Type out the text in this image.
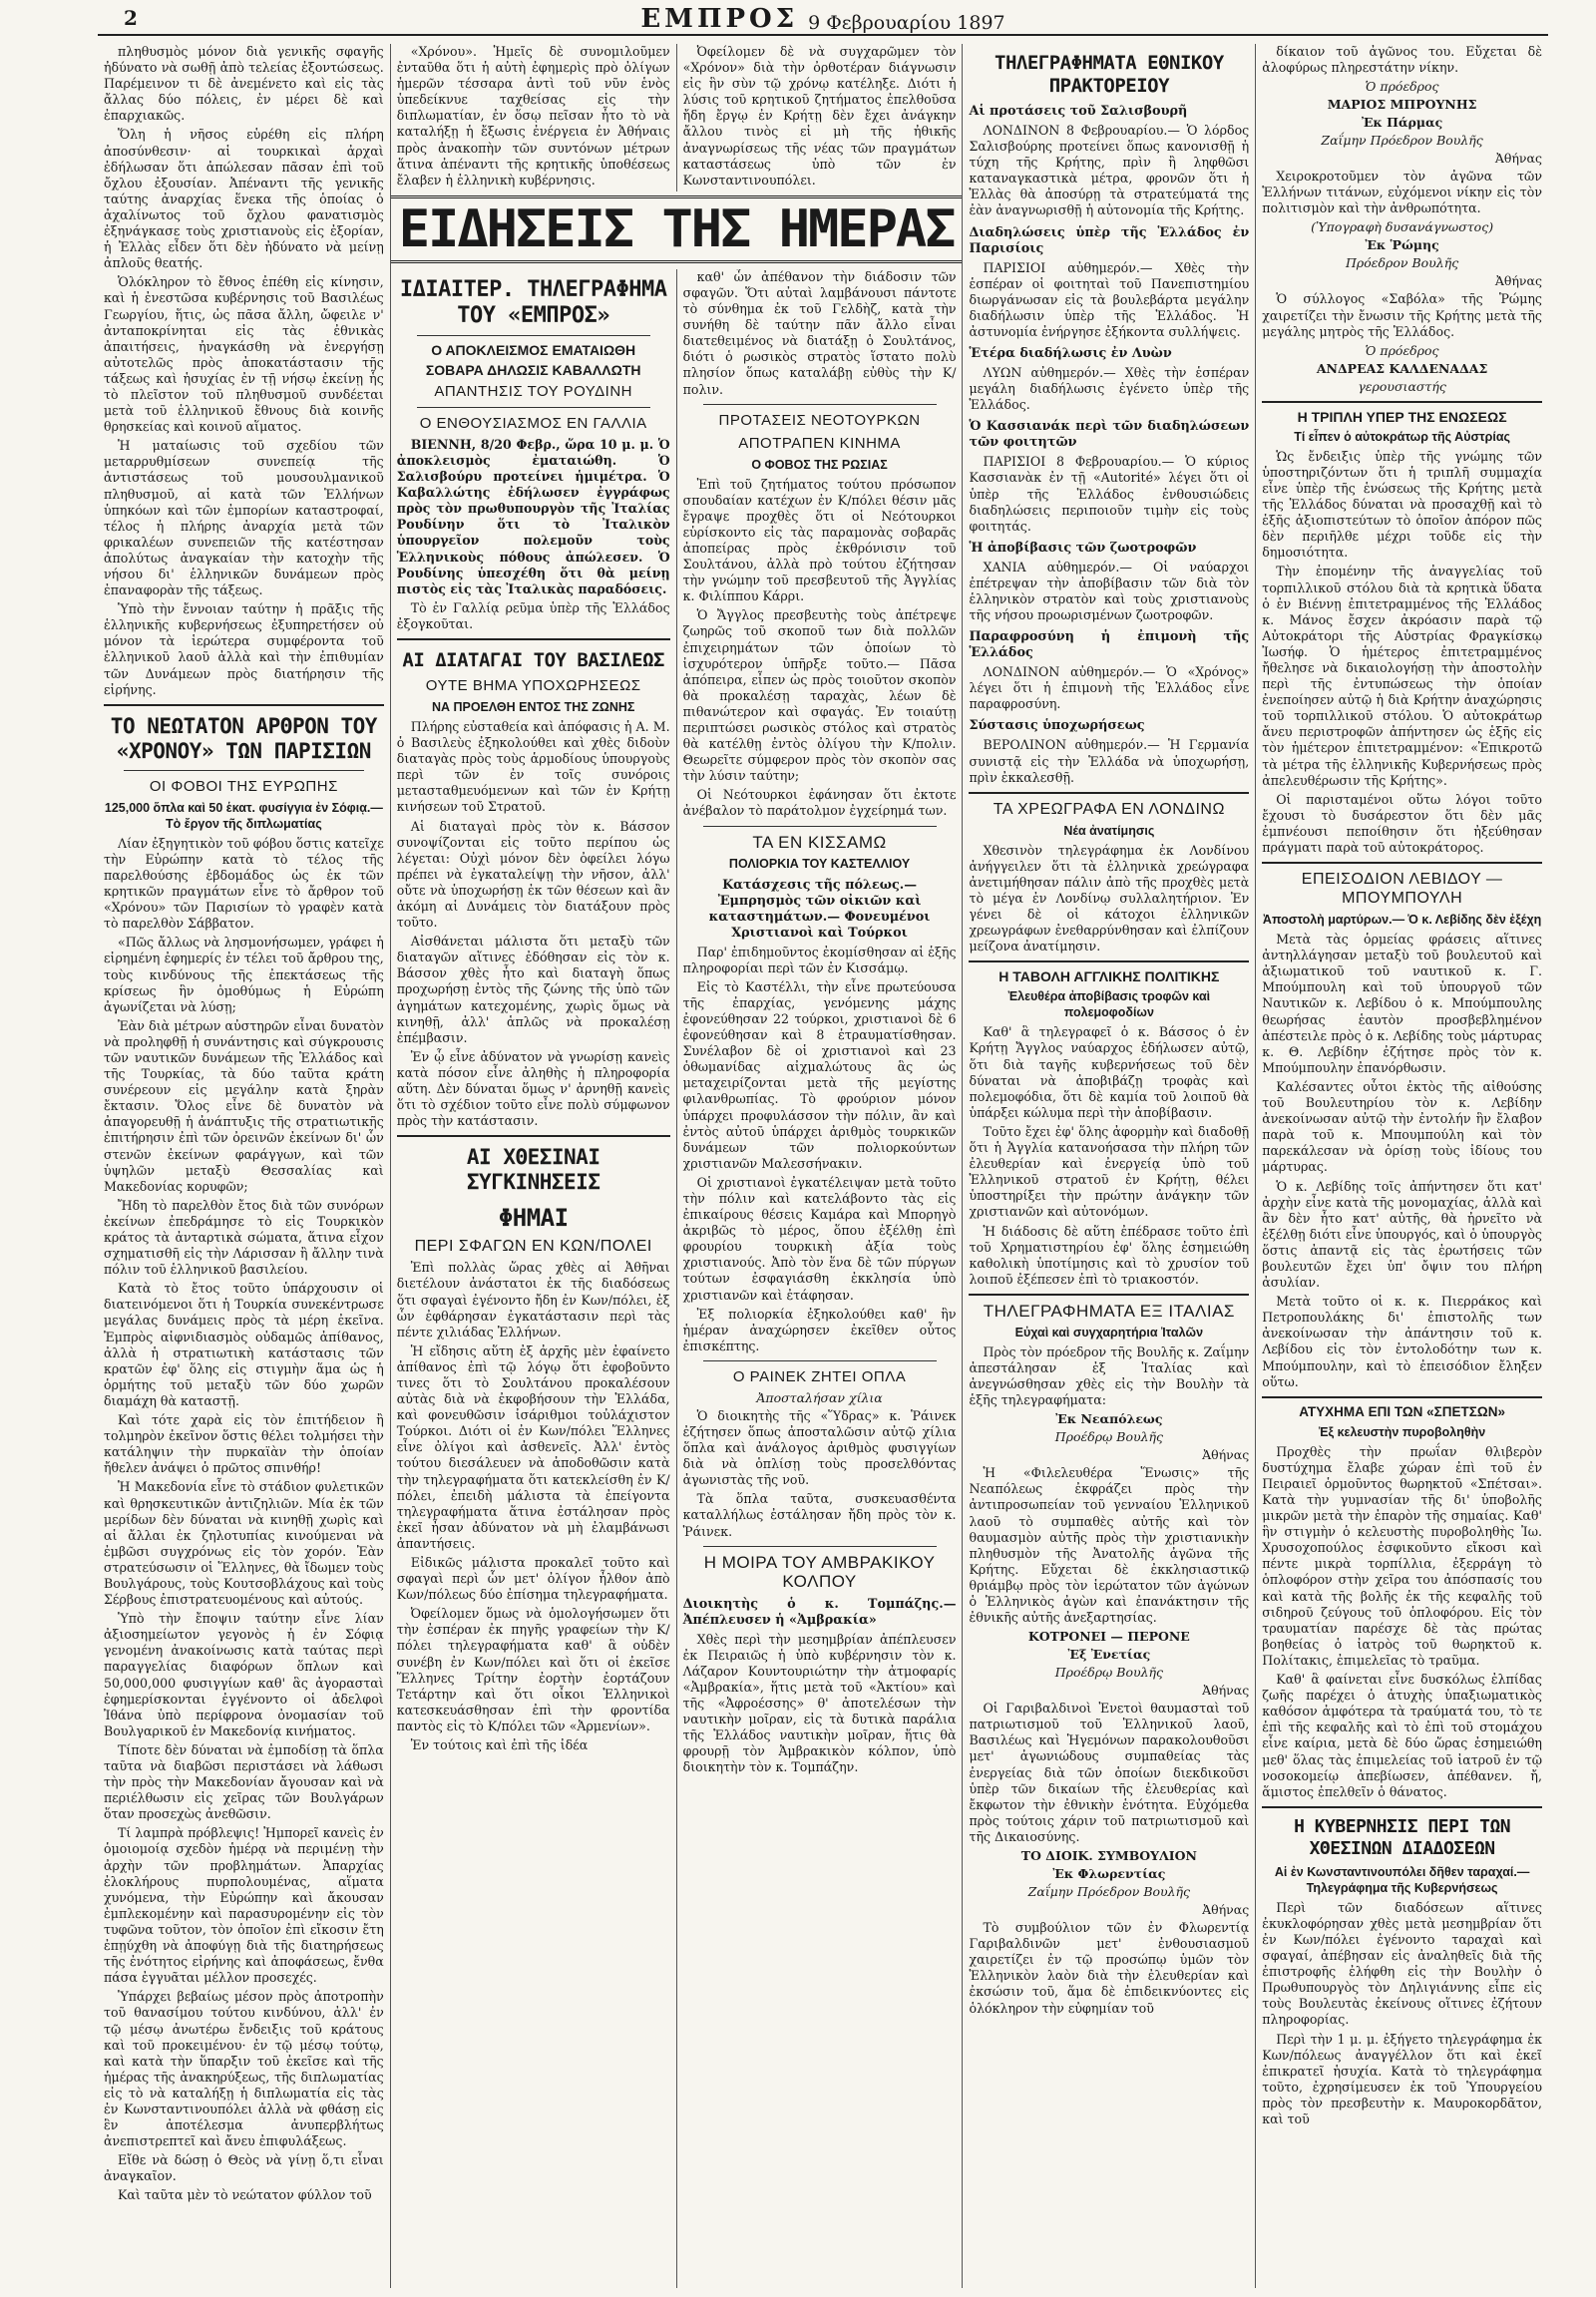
2	ΕΜΠΡΟΣ 9 Φεβρουαρίου 1897

πληθυσμὸς μόνον διὰ γενικῆς σφαγῆς ἠδύνατο νὰ σωθῇ ἀπὸ τελείας ἐξοντώσεως. Παρέμεινον τι δὲ ἀνεμένετο καὶ εἰς τὰς ἄλλας δύο πόλεις, ἐν μέρει δὲ καὶ ἐπαρχιακῶς.

Ὅλη ἡ νῆσος εὑρέθη εἰς πλήρη ἀποσύνθεσιν· αἱ τουρκικαὶ ἀρχαὶ ἐδήλωσαν ὅτι ἀπώλεσαν πᾶσαν ἐπὶ τοῦ ὄχλου ἐξουσίαν. Ἀπέναντι τῆς γενικῆς ταύτης ἀναρχίας ἕνεκα τῆς ὁποίας ὁ ἀχαλίνωτος τοῦ ὄχλου φανατισμὸς ἐξηνάγκασε τοὺς χριστιανοὺς εἰς ἐξορίαν, ἡ Ἑλλὰς εἶδεν ὅτι δὲν ἠδύνατο νὰ μείνῃ ἀπλοῦς θεατής.

Ὁλόκληρον τὸ ἔθνος ἐπέθη εἰς κίνησιν, καὶ ἡ ἐνεστῶσα κυβέρνησις τοῦ Βασιλέως Γεωργίου, ἥτις, ὡς πᾶσα ἄλλη, ὤφειλε ν' ἀνταποκρίνηται εἰς τὰς ἐθνικὰς ἀπαιτήσεις, ἠναγκάσθη νὰ ἐνεργήσῃ αὐτοτελῶς πρὸς ἀποκατάστασιν τῆς τάξεως καὶ ἡσυχίας ἐν τῇ νήσῳ ἐκείνῃ ἧς τὸ πλεῖστον τοῦ πληθυσμοῦ συνδέεται μετὰ τοῦ ἑλληνικοῦ ἔθνους διὰ κοινῆς θρησκείας καὶ κοινοῦ αἵματος.

Ἡ ματαίωσις τοῦ σχεδίου τῶν μεταρρυθμίσεων συνεπείᾳ τῆς ἀντιστάσεως τοῦ μουσουλμανικοῦ πληθυσμοῦ, αἱ κατὰ τῶν Ἑλλήνων ὑπηκόων καὶ τῶν ἐμπορίων καταστροφαί, τέλος ἡ πλήρης ἀναρχία μετὰ τῶν φρικαλέων συνεπειῶν τῆς κατέστησαν ἀπολύτως ἀναγκαίαν τὴν κατοχὴν τῆς νήσου δι' ἑλληνικῶν δυνάμεων πρὸς ἐπαναφορὰν τῆς τάξεως.

Ὑπὸ τὴν ἔννοιαν ταύτην ἡ πρᾶξις τῆς ἑλληνικῆς κυβερνήσεως ἐξυπηρετήσεν οὐ μόνον τὰ ἱερώτερα συμφέροντα τοῦ ἑλληνικοῦ λαοῦ ἀλλὰ καὶ τὴν ἐπιθυμίαν τῶν Δυνάμεων πρὸς διατήρησιν τῆς εἰρήνης.

ΤΟ ΝΕΩΤΑΤΟΝ ΑΡΘΡΟΝ ΤΟΥ «ΧΡΟΝΟΥ» ΤΩΝ ΠΑΡΙΣΙΩΝ
ΟΙ ΦΟΒΟΙ ΤΗΣ ΕΥΡΩΠΗΣ
125,000 ὅπλα καὶ 50 ἑκατ. φυσίγγια ἐν Σόφιᾳ.— Τὸ ἔργον τῆς διπλωματίας

Λίαν ἐξηγητικὸν τοῦ φόβου ὅστις κατεῖχε τὴν Εὐρώπην κατὰ τὸ τέλος τῆς παρελθούσης ἑβδομάδος ὡς ἐκ τῶν κρητικῶν πραγμάτων εἶνε τὸ ἄρθρον τοῦ «Χρόνου» τῶν Παρισίων τὸ γραφὲν κατὰ τὸ παρελθὸν Σάββατον.

«Πῶς ἄλλως νὰ λησμονήσωμεν, γράφει ἡ εἰρημένη ἐφημερίς ἐν τέλει τοῦ ἄρθρου της, τοὺς κινδύνους τῆς ἐπεκτάσεως τῆς κρίσεως ἣν ὁμοθύμως ἡ Εὐρώπη ἀγωνίζεται νὰ λύσῃ;

Ἐὰν διὰ μέτρων αὐστηρῶν εἶναι δυνατὸν νὰ προληφθῇ ἡ συνάντησις καὶ σύγκρουσις τῶν ναυτικῶν δυνάμεων τῆς Ἑλλάδος καὶ τῆς Τουρκίας, τὰ δύο ταῦτα κράτη συνέρεουν εἰς μεγάλην κατὰ ξηρὰν ἔκτασιν. Ὅλος εἶνε δὲ δυνατὸν νὰ ἀπαγορευθῇ ἡ ἀνάπτυξις τῆς στρατιωτικῆς ἐπιτήρησιν ἐπὶ τῶν ὀρεινῶν ἐκείνων δι' ὧν στενῶν ἐκείνων φαράγγων, καὶ τῶν ὑψηλῶν μεταξὺ Θεσσαλίας καὶ Μακεδονίας κορυφῶν;

Ἤδη τὸ παρελθὸν ἔτος διὰ τῶν συνόρων ἐκείνων ἐπεδράμησε τὸ εἰς Τουρκικὸν κράτος τὰ ἀνταρτικὰ σώματα, ἅτινα εἶχον σχηματισθῆ εἰς τὴν Λάρισσαν ἢ ἄλλην τινὰ πόλιν τοῦ ἑλληνικοῦ βασιλείου.

Κατὰ τὸ ἔτος τοῦτο ὑπάρχουσιν οἱ διατεινόμενοι ὅτι ἡ Τουρκία συνεκέντρωσε μεγάλας δυνάμεις πρὸς τὰ μέρη ἐκεῖνα. Ἐμπρὸς αἰφνιδιασμὸς οὐδαμῶς ἀπίθανος, ἀλλὰ ἡ στρατιωτικὴ κατάστασις τῶν κρατῶν ἐφ' ὅλης εἰς στιγμὴν ἅμα ὡς ἡ ὁρμήτης τοῦ μεταξὺ τῶν δύο χωρῶν διαμάχη θὰ καταστῇ.

Καὶ τότε χαρὰ εἰς τὸν ἐπιτήδειον ἢ τολμηρὸν ἐκεῖνον ὅστις θέλει τολμήσει τὴν κατάληψιν τὴν πυρκαϊὰν τὴν ὁποίαν ἤθελεν ἀνάψει ὁ πρῶτος σπινθήρ!

Ἡ Μακεδονία εἶνε τὸ στάδιον φυλετικῶν καὶ θρησκευτικῶν ἀντιζηλιῶν. Μία ἐκ τῶν μερίδων δὲν δύναται νὰ κινηθῇ χωρὶς καὶ αἱ ἄλλαι ἐκ ζηλοτυπίας κινούμεναι νὰ ἐμβῶσι συγχρόνως εἰς τὸν χορόν. Ἐὰν στρατεύσωσιν οἱ Ἕλληνες, θὰ ἴδωμεν τοὺς Βουλγάρους, τοὺς Κουτσοβλάχους καὶ τοὺς Σέρβους ἐπιστρατευομένους καὶ αὐτούς.

Ὑπὸ τὴν ἔποψιν ταύτην εἶνε λίαν ἀξιοσημείωτον γεγονὸς ἡ ἐν Σόφιᾳ γενομένη ἀνακοίνωσις κατὰ ταύτας περὶ παραγγελίας διαφόρων ὅπλων καὶ 50,000,000 φυσιγγίων καθ' ἃς ἀγορασταὶ ἐφημερίσκονται ἐγγένοντο οἱ ἀδελφοὶ Ἰθάνα ὑπὸ περίφρονα ὀνομασίαν τοῦ Βουλγαρικοῦ ἐν Μακεδονίᾳ κινήματος.

Τίποτε δὲν δύναται νὰ ἐμποδίσῃ τὰ ὅπλα ταῦτα νὰ διαβῶσι περιστάσει νὰ λάθωσι τὴν πρὸς τὴν Μακεδονίαν ἄγουσαν καὶ νὰ περιέλθωσιν εἰς χεῖρας τῶν Βουλγάρων ὅταν προσεχὼς ἀνεθῶσιν.

Τί λαμπρὰ πρόβλεψις! Ἠμπορεῖ κανεὶς ἐν ὁμοιομοίᾳ σχεδὸν ἡμέρᾳ νὰ περιμένῃ τὴν ἀρχὴν τῶν προβλημάτων. Ἀπαρχίας ἐλοκλήρους πυρπολουμένας, αἵματα χυνόμενα, τὴν Εὐρώπην καὶ ἄκουσαν ἐμπλεκομένην καὶ παρασυρομένην εἰς τὸν τυφῶνα τοῦτον, τὸν ὁποῖον ἐπὶ εἴκοσιν ἔτη ἐπῃύχθη νὰ ἀποφύγῃ διὰ τῆς διατηρήσεως τῆς ἐνότητος εἰρήνης καὶ ἀποφάσεως, ἔνθα πάσα ἐγγυᾶται μέλλον προσεχές.

Ὑπάρχει βεβαίως μέσον πρὸς ἀποτροπὴν τοῦ θανασίμου τούτου κινδύνου, ἀλλ' ἐν τῷ μέσῳ ἀνωτέρω ἔνδειξις τοῦ κράτους καὶ τοῦ προκειμένου· ἐν τῷ μέσῳ τούτῳ, καὶ κατὰ τὴν ὕπαρξιν τοῦ ἐκεῖσε καὶ τῆς ἡμέρας τῆς ἀνακηρύξεως, τῆς διπλωματίας εἰς τὸ νὰ καταλήξῃ ἡ διπλωματία εἰς τὰς ἐν Κωνσταντινουπόλει ἀλλὰ νὰ φθάσῃ εἰς ἓν ἀποτέλεσμα ἀνυπερβλήτως ἀνεπιστρεπτεῖ καὶ ἄνευ ἐπιφυλάξεως.

Εἴθε νὰ δώσῃ ὁ Θεὸς νὰ γίνῃ ὅ,τι εἶναι ἀναγκαῖον.

Καὶ ταῦτα μὲν τὸ νεώτατον φύλλον τοῦ

«Χρόνου». Ἡμεῖς δὲ συνομιλοῦμεν ἐνταῦθα ὅτι ἡ αὐτὴ ἐφημερὶς πρὸ ὀλίγων ἡμερῶν τέσσαρα ἀντὶ τοῦ νῦν ἑνὸς ὑπεδείκνυε ταχθείσας εἰς τὴν διπλωματίαν, ἐν ὅσῳ πεῖσαν ἦτο τὸ νὰ καταλήξῃ ἡ ἔξωσις ἐνέργεια ἐν Ἀθήναις πρὸς ἀνακοπὴν τῶν συντόνων μέτρων ἅτινα ἀπέναντι τῆς κρητικῆς ὑποθέσεως ἔλαβεν ἡ ἑλληνικὴ κυβέρνησις.

Ὀφείλομεν δὲ νὰ συγχαρῶμεν τὸν «Χρόνον» διὰ τὴν ὀρθοτέραν διάγνωσιν εἰς ἣν σὺν τῷ χρόνῳ κατέληξε. Διότι ἡ λύσις τοῦ κρητικοῦ ζητήματος ἐπελθοῦσα ἤδη ἔργῳ ἐν Κρήτῃ δὲν ἔχει ἀνάγκην ἄλλου τινὸς εἰ μὴ τῆς ἠθικῆς ἀναγνωρίσεως τῆς νέας τῶν πραγμάτων καταστάσεως ὑπὸ τῶν ἐν Κωνσταντινουπόλει.

ΕΙΔΗΣΕΙΣ ΤΗΣ ΗΜΕΡΑΣ
ΙΔΙΑΙΤΕΡ. ΤΗΛΕΓΡΑΦΗΜΑ ΤΟΥ «ΕΜΠΡΟΣ»
Ο ΑΠΟΚΛΕΙΣΜΟΣ ΕΜΑΤΑΙΩΘΗ
ΣΟΒΑΡΑ ΔΗΛΩΣΙΣ ΚΑΒΑΛΛΩΤΗ
ΑΠΑΝΤΗΣΙΣ ΤΟΥ ΡΟΥΔΙΝΗ
Ο ΕΝΘΟΥΣΙΑΣΜΟΣ ΕΝ ΓΑΛΛΙΑ

ΒΙΕΝΝΗ, 8/20 Φεβρ., ὥρα 10 μ. μ. Ὁ ἀποκλεισμὸς ἐματαιώθη. Ὁ Σαλισβούρυ προτείνει ἡμιμέτρα. Ὁ Καβαλλώτης ἐδήλωσεν ἐγγράφως πρὸς τὸν πρωθυπουργὸν τῆς Ἰταλίας Ρουδίνην ὅτι τὸ Ἰταλικὸν ὑπουργεῖον πολεμοῦν τοὺς Ἑλληνικοὺς πόθους ἀπώλεσεν. Ὁ Ρουδίνης ὑπεσχέθη ὅτι θὰ μείνῃ πιστὸς εἰς τὰς Ἰταλικὰς παραδόσεις.

Τὸ ἐν Γαλλίᾳ ρεῦμα ὑπὲρ τῆς Ἑλλάδος ἐξογκοῦται.

ΑΙ ΔΙΑΤΑΓΑΙ ΤΟΥ ΒΑΣΙΛΕΩΣ
ΟΥΤΕ ΒΗΜΑ ΥΠΟΧΩΡΗΣΕΩΣ
ΝΑ ΠΡΟΕΛΘΗ ΕΝΤΟΣ ΤΗΣ ΖΩΝΗΣ

Πλήρης εὐσταθεία καὶ ἀπόφασις ἡ Α. Μ. ὁ Βασιλεὺς ἐξηκολούθει καὶ χθὲς διδοὺν διαταγὰς πρὸς τοὺς ἁρμοδίους ὑπουργοὺς περὶ τῶν ἐν τοῖς συνόροις μετασταθμευόμενων καὶ τῶν ἐν Κρήτῃ κινήσεων τοῦ Στρατοῦ.

Αἱ διαταγαὶ πρὸς τὸν κ. Βάσσον συνοψίζονται εἰς τοῦτο περίπου ὡς λέγεται: Οὐχὶ μόνον δὲν ὀφείλει λόγω πρέπει νὰ ἐγκαταλείψῃ τὴν νῆσον, ἀλλ' οὔτε νὰ ὑποχωρήσῃ ἐκ τῶν θέσεων καὶ ἂν ἀκόμη αἱ Δυνάμεις τὸν διατάξουν πρὸς τοῦτο.

Αἰσθάνεται μάλιστα ὅτι μεταξὺ τῶν διαταγῶν αἵτινες ἐδόθησαν εἰς τὸν κ. Βάσσον χθὲς ἦτο καὶ διαταγὴ ὅπως προχωρήσῃ ἐντὸς τῆς ζώνης τῆς ὑπὸ τῶν ἀγημάτων κατεχομένης, χωρὶς ὅμως νὰ κινηθῇ, ἀλλ' ἁπλῶς νὰ προκαλέσῃ ἐπέμβασιν.

Ἐν ᾧ εἶνε ἀδύνατον νὰ γνωρίσῃ κανεὶς κατὰ πόσον εἶνε ἀληθὴς ἡ πληροφορία αὕτη. Δὲν δύναται ὅμως ν' ἀρνηθῇ κανεὶς ὅτι τὸ σχέδιον τοῦτο εἶνε πολὺ σύμφωνον πρὸς τὴν κατάστασιν.

ΑΙ ΧΘΕΣΙΝΑΙ ΣΥΓΚΙΝΗΣΕΙΣ
ΦΗΜΑΙ
ΠΕΡΙ ΣΦΑΓΩΝ ΕΝ ΚΩΝ/ΠΟΛΕΙ

Ἐπὶ πολλὰς ὥρας χθὲς αἱ Ἀθῆναι διετέλουν ἀνάστατοι ἐκ τῆς διαδόσεως ὅτι σφαγαὶ ἐγένοντο ἤδη ἐν Κων/πόλει, ἐξ ὧν ἐφθάρησαν ἐγκατάστασιν περὶ τὰς πέντε χιλιάδας Ἑλλήνων.

Ἡ εἴδησις αὕτη ἐξ ἀρχῆς μὲν ἐφαίνετο ἀπίθανος ἐπὶ τῷ λόγῳ ὅτι ἐφοβοῦντο τινες ὅτι τὸ Σουλτάνου προκαλέσουν αὐτὰς διὰ νὰ ἐκφοβήσουν τὴν Ἑλλάδα, καὶ φονευθῶσιν ἰσάριθμοι τοὐλάχιστον Τούρκοι. Διότι οἱ ἐν Κων/πόλει Ἕλληνες εἶνε ὀλίγοι καὶ ἀσθενεῖς. Ἀλλ' ἐντὸς τούτου διεσάλευεν νὰ ἀποδοθῶσιν κατὰ τὴν τηλεγραφήματα ὅτι κατεκλείσθη ἐν Κ/πόλει, ἐπειδὴ μάλιστα τὰ ἐπείγοντα τηλεγραφήματα ἅτινα ἐστάλησαν πρὸς ἐκεῖ ἦσαν ἀδύνατον νὰ μὴ ἐλαμβάνωσι ἀπαντήσεις.

Εἰδικῶς μάλιστα προκαλεῖ τοῦτο καὶ σφαγαὶ περὶ ὧν μετ' ὀλίγον ἦλθον ἀπὸ Κων/πόλεως δύο ἐπίσημα τηλεγραφήματα.

Ὀφείλομεν ὅμως νὰ ὁμολογήσωμεν ὅτι τὴν ἐσπέραν ἐκ πηγῆς γραφείων τὴν Κ/πόλει τηλεγραφήματα καθ' ἃ οὐδὲν συνέβη ἐν Κων/πόλει καὶ ὅτι οἱ ἐκεῖσε Ἕλληνες Τρίτην ἐορτὴν ἐορτάζουν Τετάρτην καὶ ὅτι οἶκοι Ἑλληνικοὶ κατεσκευάσθησαν ἐπὶ τὴν φροντίδα παντὸς εἰς τὸ Κ/πόλει τῶν «Ἀρμενίων».

Ἐν τούτοις καὶ ἐπὶ τῆς ἰδέα

καθ' ὧν ἀπέθανον τὴν διάδοσιν τῶν σφαγῶν. Ὅτι αὐταὶ λαμβάνουσι πάντοτε τὸ σύνθημα ἐκ τοῦ Γελδὴζ, κατὰ τὴν συνήθη δὲ ταύτην πᾶν ἄλλο εἶναι διατεθειμένος νὰ διατάξῃ ὁ Σουλτάνος, διότι ὁ ρωσικὸς στρατὸς ἵστατο πολὺ πλησίον ὅπως καταλάβῃ εὐθὺς τὴν Κ/πολιν.

ΠΡΟΤΑΣΕΙΣ ΝΕΟΤΟΥΡΚΩΝ
ΑΠΟΤΡΑΠΕΝ ΚΙΝΗΜΑ
Ο ΦΟΒΟΣ ΤΗΣ ΡΩΣΙΑΣ

Ἐπὶ τοῦ ζητήματος τούτου πρόσωπον σπουδαίαν κατέχων ἐν Κ/πόλει θέσιν μᾶς ἔγραψε προχθὲς ὅτι οἱ Νεότουρκοι εὑρίσκοντο εἰς τὰς παραμονὰς σοβαρᾶς ἀποπείρας πρὸς ἐκθρόνισιν τοῦ Σουλτάνου, ἀλλὰ πρὸ τούτου ἐζήτησαν τὴν γνώμην τοῦ πρεσβευτοῦ τῆς Ἀγγλίας κ. Φιλίππου Κάρρι.

Ὁ Ἄγγλος πρεσβευτὴς τοὺς ἀπέτρεψε ζωηρῶς τοῦ σκοποῦ των διὰ πολλῶν ἐπιχειρημάτων τῶν ὁποίων τὸ ἰσχυρότερον ὑπῆρξε τοῦτο.— Πᾶσα ἀπόπειρα, εἶπεν ὡς πρὸς τοιοῦτον σκοπὸν θὰ προκαλέσῃ ταραχὰς, λέων δὲ πιθανώτερον καὶ σφαγάς. Ἐν τοιαύτῃ περιπτώσει ρωσικὸς στόλος καὶ στρατὸς θὰ κατέλθῃ ἐντὸς ὀλίγου τὴν Κ/πολιν. Θεωρεῖτε σύμφερον πρὸς τὸν σκοπὸν σας τὴν λύσιν ταύτην;

Οἱ Νεότουρκοι ἐφάνησαν ὅτι ἐκτοτε ἀνέβαλον τὸ παράτολμον ἐγχείρημά των.

ΤΑ ΕΝ ΚΙΣΣΑΜΩ
ΠΟΛΙΟΡΚΙΑ ΤΟΥ ΚΑΣΤΕΛΛΙΟΥ

Κατάσχεσις τῆς πόλεως.— Ἐμπρησμὸς τῶν οἰκιῶν καὶ καταστημάτων.— Φονευμένοι Χριστιανοὶ καὶ Τούρκοι

Παρ' ἐπιδημοῦντος ἐκομίσθησαν αἱ ἑξῆς πληροφορίαι περὶ τῶν ἐν Κισσάμῳ.

Εἰς τὸ Καστέλλι, τὴν εἶνε πρωτεύουσα τῆς ἐπαρχίας, γενόμενης μάχης ἐφονεύθησαν 22 τούρκοι, χριστιανοὶ δὲ 6 ἐφονεύθησαν καὶ 8 ἐτραυματίσθησαν. Συνέλαβον δὲ οἱ χριστιανοὶ καὶ 23 ὁθωμανίδας αἰχμαλώτους ἃς ὡς μεταχειρίζονται μετὰ τῆς μεγίστης φιλανθρωπίας. Τὸ φρούριον μόνον ὑπάρχει προφυλάσσον τὴν πόλιν, ἂν καὶ ἐντὸς αὐτοῦ ὑπάρχει ἀριθμὸς τουρκικῶν δυνάμεων τῶν πολιορκούντων χριστιανῶν Μαλεσσήνακιν.

Οἱ χριστιανοὶ ἐγκατέλειψαν μετὰ τοῦτο τὴν πόλιν καὶ κατελάβοντο τὰς εἰς ἐπικαίρους θέσεις Καμάρα καὶ Μπορηγὸ ἀκριβῶς τὸ μέρος, ὅπου ἐξέλθῃ ἐπὶ φρουρίου τουρκικὴ ἀξία τοὺς χριστιανούς. Ἀπὸ τὸν ἕνα δὲ τῶν πύργων τούτων ἐσφαγιάσθη ἐκκλησία ὑπὸ χριστιανῶν καὶ ἐτάφησαν.

Ἐξ πολιορκία ἐξηκολούθει καθ' ἣν ἡμέραν ἀναχώρησεν ἐκεῖθεν οὗτος ἐπισκέπτης.

Ο ΡΑΙΝΕΚ ΖΗΤΕΙ ΟΠΛΑ
Ἀποσταλήσαν χίλια

Ὁ διοικητὴς τῆς «Ὕδρας» κ. Ῥάινεκ ἐζήτησεν ὅπως ἀποσταλῶσιν αὐτῷ χίλια ὅπλα καὶ ἀνάλογος ἀριθμὸς φυσιγγίων διὰ νὰ ὁπλίσῃ τοὺς προσελθόντας ἀγωνιστὰς τῆς νοῦ.

Τὰ ὅπλα ταῦτα, συσκευασθέντα καταλλήλως ἐστάλησαν ἤδη πρὸς τὸν κ. Ῥάινεκ.

Η ΜΟΙΡΑ ΤΟΥ ΑΜΒΡΑΚΙΚΟΥ ΚΟΛΠΟΥ

Διοικητὴς ὁ κ. Τομπάζης.— Ἀπέπλευσεν ἡ «Ἀμβρακία»

Χθὲς περὶ τὴν μεσημβρίαν ἀπέπλευσεν ἐκ Πειραιῶς ἡ ὑπὸ κυβέρνησιν τὸν κ. Λάζαρον Κουντουριώτην τὴν ἀτμοφαρίς «Ἀμβρακία», ἥτις μετὰ τοῦ «Ἀκτίου» καὶ τῆς «Ἀφροέσσης» θ' ἀποτελέσων τὴν ναυτικὴν μοῖραν, εἰς τὰ δυτικὰ παράλια τῆς Ἑλλάδος ναυτικὴν μοῖραν, ἥτις θὰ φρουρῇ τὸν Ἀμβρακικὸν κόλπον, ὑπὸ διοικητὴν τὸν κ. Τομπάζην.

ΤΗΛΕΓΡΑΦΗΜΑΤΑ ΕΘΝΙΚΟΥ ΠΡΑΚΤΟΡΕΙΟΥ

Αἱ προτάσεις τοῦ Σαλισβουρῆ

ΛΟΝΔΙΝΟΝ 8 Φεβρουαρίου.— Ὁ λόρδος Σαλισβούρης προτείνει ὅπως κανονισθῇ ἡ τύχη τῆς Κρήτης, πρὶν ἢ ληφθῶσι καταναγκαστικὰ μέτρα, φρονῶν ὅτι ἡ Ἑλλὰς θὰ ἀποσύρῃ τὰ στρατεύματά της ἐὰν ἀναγνωρισθῇ ἡ αὐτονομία τῆς Κρήτης.

Διαδηλώσεις ὑπὲρ τῆς Ἑλλάδος ἐν Παρισίοις

ΠΑΡΙΣΙΟΙ αὐθημερόν.— Χθὲς τὴν ἑσπέραν οἱ φοιτηταὶ τοῦ Πανεπιστημίου διωργάνωσαν εἰς τὰ βουλεβάρτα μεγάλην διαδήλωσιν ὑπὲρ τῆς Ἑλλάδος. Ἡ ἀστυνομία ἐνήργησε ἐξήκοντα συλλήψεις.

Ἑτέρα διαδήλωσις ἐν Λυὼν

ΛΥΩΝ αὐθημερόν.— Χθὲς τὴν ἑσπέραν μεγάλη διαδήλωσις ἐγένετο ὑπὲρ τῆς Ἑλλάδος.

Ὁ Κασσιανάκ περὶ τῶν διαδηλώσεων τῶν φοιτητῶν

ΠΑΡΙΣΙΟΙ 8 Φεβρουαρίου.— Ὁ κύριος Κασσιανὰκ ἐν τῇ «Autorité» λέγει ὅτι οἱ ὑπὲρ τῆς Ἑλλάδος ἐνθουσιώδεις διαδηλώσεις περιποιοῦν τιμὴν εἰς τοὺς φοιτητάς.

Ἡ ἀποβίβασις τῶν ζωοτροφῶν

ΧΑΝΙΑ αὐθημερόν.— Οἱ ναύαρχοι ἐπέτρεψαν τὴν ἀποβίβασιν τῶν διὰ τὸν ἑλληνικὸν στρατὸν καὶ τοὺς χριστιανοὺς τῆς νήσου προωρισμένων ζωοτροφῶν.

Παραφροσύνη ἡ ἐπιμονὴ τῆς Ἑλλάδος

ΛΟΝΔΙΝΟΝ αὐθημερόν.— Ὁ «Χρόνος» λέγει ὅτι ἡ ἐπιμονὴ τῆς Ἑλλάδος εἶνε παραφροσύνη.

Σύστασις ὑποχωρήσεως

ΒΕΡΟΛΙΝΟΝ αὐθημερόν.— Ἡ Γερμανία συνιστᾷ εἰς τὴν Ἑλλάδα νὰ ὑποχωρήσῃ, πρὶν ἐκκαλεσθῇ.

ΤΑ ΧΡΕΩΓΡΑΦΑ ΕΝ ΛΟΝΔΙΝΩ
Νέα ἀνατίμησις

Χθεσινὸν τηλεγράφημα ἐκ Λονδίνου ἀνήγγειλεν ὅτι τὰ ἑλληνικὰ χρεώγραφα ἀνετιμήθησαν πάλιν ἀπὸ τῆς προχθὲς μετὰ τὸ μέγα ἐν Λονδίνῳ συλλαλητήριον. Ἐν γένει δὲ οἱ κάτοχοι ἑλληνικῶν χρεωγράφων ἐνεθαρρύνθησαν καὶ ἐλπίζουν μείζονα ἀνατίμησιν.

Η ΤΑΒΟΛΗ ΑΓΓΛΙΚΗΣ ΠΟΛΙΤΙΚΗΣ
Ἐλευθέρα ἀποβίβασις τροφῶν καὶ πολεμοφοδίων

Καθ' ἃ τηλεγραφεῖ ὁ κ. Βάσσος ὁ ἐν Κρήτῃ Ἄγγλος ναύαρχος ἐδήλωσεν αὐτῷ, ὅτι διὰ ταγῆς κυβερνήσεως τοῦ δὲν δύναται νὰ ἀποβιβάζῃ τροφὰς καὶ πολεμοφόδια, ὅτι δὲ καμία τοῦ λοιποῦ θὰ ὑπάρξει κώλυμα περὶ τὴν ἀποβίβασιν.

Τοῦτο ἔχει ἐφ' ὅλης ἀφορμὴν καὶ διαδοθῇ ὅτι ἡ Ἀγγλία κατανοήσασα τὴν πλήρη τῶν ἐλευθερίαν καὶ ἐνεργείᾳ ὑπὸ τοῦ Ἑλληνικοῦ στρατοῦ ἐν Κρήτῃ, θέλει ὑποστηρίξει τὴν πρώτην ἀνάγκην τῶν χριστιανῶν καὶ αὐτονόμων.

Ἡ διάδοσις δὲ αὕτη ἐπέδρασε τοῦτο ἐπὶ τοῦ Χρηματιστηρίου ἐφ' ὅλης ἐσημειώθη καθολικὴ ὑποτίμησις καὶ τὸ χρυσίον τοῦ λοιποῦ ἐξέπεσεν ἐπὶ τὸ τριακοστόν.

ΤΗΛΕΓΡΑΦΗΜΑΤΑ ΕΞ ΙΤΑΛΙΑΣ
Εὐχαὶ καὶ συγχαρητήρια Ἰταλῶν

Πρὸς τὸν πρόεδρον τῆς Βουλῆς κ. Ζαΐμην ἀπεστάλησαν ἐξ Ἰταλίας καὶ ἀνεγνώσθησαν χθὲς εἰς τὴν Βουλὴν τὰ ἑξῆς τηλεγραφήματα:

Ἐκ Νεαπόλεως
Προέδρῳ Βουλῆς
Ἀθήνας

Ἡ «Φιλελευθέρα Ἕνωσις» τῆς Νεαπόλεως ἐκφράζει πρὸς τὴν ἀντιπροσωπείαν τοῦ γενναίου Ἑλληνικοῦ λαοῦ τὸ συμπαθὲς αὐτῆς καὶ τὸν θαυμασμὸν αὐτῆς πρὸς τὴν χριστιανικὴν πληθυσμὸν τῆς Ἀνατολῆς ἀγῶνα τῆς Κρήτης. Εὔχεται δὲ ἐκκλησιαστικῷ θριάμβῳ πρὸς τὸν ἱερώτατον τῶν ἀγώνων ὁ Ἑλληνικὸς ἀγὼν καὶ ἐπανάκτησιν τῆς ἐθνικῆς αὐτῆς ἀνεξαρτησίας.

ΚΟΤΡΟΝΕΙ — ΠΕΡΟΝΕ
Ἐξ Ἐνετίας
Προέδρῳ Βουλῆς
Ἀθήνας

Οἱ Γαριβαλδινοὶ Ἐνετοὶ θαυμασταὶ τοῦ πατριωτισμοῦ τοῦ Ἑλληνικοῦ λαοῦ, Βασιλέως καὶ Ἡγεμόνων παρακολουθοῦσι μετ' ἀγωνιώδους συμπαθείας τὰς ἐνεργείας διὰ τῶν ὁποίων διεκδικοῦσι ὑπὲρ τῶν δικαίων τῆς ἐλευθερίας καὶ ἔκφωτον τὴν ἐθνικὴν ἑνότητα. Εὐχόμεθα πρὸς τούτοις χάριν τοῦ πατριωτισμοῦ καὶ τῆς Δικαιοσύνης.

ΤΟ ΔΙΟΙΚ. ΣΥΜΒΟΥΛΙΟΝ
Ἐκ Φλωρεντίας
Ζαΐμην Πρόεδρον Βουλῆς
Ἀθήνας

Τὸ συμβούλιον τῶν ἐν Φλωρεντίᾳ Γαριβαλδινῶν μετ' ἐνθουσιασμοῦ χαιρετίζει ἐν τῷ προσώπῳ ὑμῶν τὸν Ἑλληνικὸν λαὸν διὰ τὴν ἐλευθερίαν καὶ ἐκσώσιν τοῦ, ἅμα δὲ ἐπιδεικνύοντες εἰς ὁλόκληρον τὴν εὐφημίαν τοῦ

δίκαιον τοῦ ἀγῶνος του. Εὔχεται δὲ ἀλοφύρως πληρεστάτην νίκην.

Ὁ πρόεδρος
ΜΑΡΙΟΣ ΜΠΡΟΥΝΗΣ
Ἐκ Πάρμας
Ζαΐμην Πρόεδρον Βουλῆς
Ἀθήνας

Χειροκροτοῦμεν τὸν ἀγῶνα τῶν Ἑλλήνων τιτάνων, εὐχόμενοι νίκην εἰς τὸν πολιτισμὸν καὶ τὴν ἀνθρωπότητα.

(Ὑπογραφὴ δυσανάγνωστος)
Ἐκ Ῥώμης
Πρόεδρον Βουλῆς
Ἀθήνας

Ὁ σύλλογος «Σαβόλα» τῆς Ῥώμης χαιρετίζει τὴν ἔνωσιν τῆς Κρήτης μετὰ τῆς μεγάλης μητρὸς τῆς Ἑλλάδος.

Ὁ πρόεδρος
ΑΝΔΡΕΑΣ ΚΑΛΔΕΝΑΔΑΣ
γερουσιαστής
Η ΤΡΙΠΛΗ ΥΠΕΡ ΤΗΣ ΕΝΩΣΕΩΣ
Τί εἶπεν ὁ αὐτοκράτωρ τῆς Αὐστρίας

Ὡς ἔνδειξις ὑπὲρ τῆς γνώμης τῶν ὑποστηριζόντων ὅτι ἡ τριπλῆ συμμαχία εἶνε ὑπὲρ τῆς ἑνώσεως τῆς Κρήτης μετὰ τῆς Ἑλλάδος δύναται νὰ προσαχθῇ καὶ τὸ ἑξῆς ἀξιοπιστεύτων τὸ ὁποῖον ἀπόρον πῶς δὲν περιῆλθε μέχρι τοῦδε εἰς τὴν δημοσιότητα.

Τὴν ἐπομένην τῆς ἀναγγελίας τοῦ τορπιλλικοῦ στόλου διὰ τὰ κρητικὰ ὕδατα ὁ ἐν Βιέννῃ ἐπιτετραμμένος τῆς Ἑλλάδος κ. Μάνος ἔσχεν ἀκρόασιν παρὰ τῷ Αὐτοκράτορι τῆς Αὐστρίας Φραγκίσκῳ Ἰωσήφ. Ὁ ἡμέτερος ἐπιτετραμμένος ἤθελησε νὰ δικαιολογήσῃ τὴν ἀποστολὴν περὶ τῆς ἐντυπώσεως τὴν ὁποίαν ἐνεποίησεν αὐτῷ ἡ διὰ Κρήτην ἀναχώρησις τοῦ τορπιλλικοῦ στόλου. Ὁ αὐτοκράτωρ ἄνευ περιστροφῶν ἀπήντησεν ὡς ἑξῆς εἰς τὸν ἡμέτερον ἐπιτετραμμένον: «Ἐπικροτῶ τὰ μέτρα τῆς ἑλληνικῆς Κυβερνήσεως πρὸς ἀπελευθέρωσιν τῆς Κρήτης».

Οἱ παρισταμένοι οὕτω λόγοι τοῦτο ἔχουσι τὸ δυσάρεστον ὅτι δὲν μᾶς ἐμπνέουσι πεποίθησιν ὅτι ἠξεύθησαν πράγματι παρὰ τοῦ αὐτοκράτορος.

ΕΠΕΙΣΟΔΙΟΝ ΛΕΒΙΔΟΥ — ΜΠΟΥΜΠΟΥΛΗ
Ἀποστολὴ μαρτύρων.— Ὁ κ. Λεβίδης δὲν ἐξέχη

Μετὰ τὰς ὁρμείας φράσεις αἵτινες ἀντηλλάγησαν μεταξὺ τοῦ βουλευτοῦ καὶ ἀξιωματικοῦ τοῦ ναυτικοῦ κ. Γ. Μπούμπουλη καὶ τοῦ ὑπουργοῦ τῶν Ναυτικῶν κ. Λεβίδου ὁ κ. Μπούμπουλης θεωρήσας ἑαυτὸν προσβεβλημένον ἀπέστειλε πρὸς ὁ κ. Λεβίδης τοὺς μάρτυρας κ. Θ. Λεβίδην ἐζήτησε πρὸς τὸν κ. Μπούμπουλην ἐπανόρθωσιν.

Καλέσαντες οὗτοι ἐκτὸς τῆς αἰθούσης τοῦ Βουλευτηρίου τὸν κ. Λεβίδην ἀνεκοίνωσαν αὐτῷ τὴν ἐντολήν ἣν ἔλαβον παρὰ τοῦ κ. Μπουμπούλη καὶ τὸν παρεκάλεσαν νὰ ὁρίσῃ τοὺς ἰδίους του μάρτυρας.

Ὁ κ. Λεβίδης τοῖς ἀπήντησεν ὅτι κατ' ἀρχὴν εἶνε κατὰ τῆς μονομαχίας, ἀλλὰ καὶ ἂν δὲν ἦτο κατ' αὐτῆς, θὰ ἠρνεῖτο νὰ ἐξέλθῃ διότι εἶνε ὑπουργός, καὶ ὁ ὑπουργὸς ὅστις ἀπαντᾷ εἰς τὰς ἐρωτήσεις τῶν βουλευτῶν ἔχει ὑπ' ὄψιν του πλήρη ἀσυλίαν.

Μετὰ τοῦτο οἱ κ. κ. Πιερράκος καὶ Πετροπουλάκης δι' ἐπιστολῆς των ἀνεκοίνωσαν τὴν ἀπάντησιν τοῦ κ. Λεβίδου εἰς τὸν ἐντολοδότην των κ. Μπούμπουλην, καὶ τὸ ἐπεισόδιον ἔληξεν οὕτω.

ΑΤΥΧΗΜΑ ΕΠΙ ΤΩΝ «ΣΠΕΤΣΩΝ»
Ἐξ κελευστὴν πυροβοληθὴν

Προχθὲς τὴν πρωΐαν θλιβερὸν δυστύχημα ἔλαβε χώραν ἐπὶ τοῦ ἐν Πειραιεῖ ὁρμοῦντος θωρηκτοῦ «Σπέτσαι». Κατὰ τὴν γυμνασίαν τῆς δι' ὑποβολῆς μικρῶν μετὰ τὴν ἐπαρὸν τῆς σημαίας. Καθ' ἣν στιγμὴν ὁ κελευστὴς πυροβοληθὴς Ἰω. Χρυσοχοπούλος ἐσφικοῦντο εἴκοσι καὶ πέντε μικρὰ τορπίλλια, ἐξερράγη τὸ ὁπλοφόρον στὴν χεῖρα του ἀπόσπασίς του καὶ κατὰ τῆς βολῆς ἐκ τῆς κεφαλῆς τοῦ σιδηροῦ ζεύγους τοῦ ὁπλοφόρου. Εἰς τὸν τραυματίαν παρέσχε δὲ τὰς πρώτας βοηθείας ὁ ἰατρὸς τοῦ θωρηκτοῦ κ. Πολίτακις, ἐπιμελεῖας τὸ τραῦμα.

Καθ' ἃ φαίνεται εἶνε δυσκόλως ἐλπίδας ζωῆς παρέχει ὁ ἀτυχὴς ὑπαξιωματικὸς καθόσον ἀμφότερα τὰ τραύματά του, τὸ τε ἐπὶ τῆς κεφαλῆς καὶ τὸ ἐπὶ τοῦ στομάχου εἶνε καίρια, μετὰ δὲ δύο ὥρας ἐσημειώθη μεθ' ὅλας τὰς ἐπιμελείας τοῦ ἰατροῦ ἐν τῷ νοσοκομείῳ ἀπεβίωσεν, ἀπέθανεν. ἤ, ἅμιστος ἐπελθεῖν ὁ θάνατος.

Η ΚΥΒΕΡΝΗΣΙΣ ΠΕΡΙ ΤΩΝ ΧΘΕΣΙΝΩΝ ΔΙΑΔΟΣΕΩΝ
Αἱ ἐν Κωνσταντινουπόλει δῆθεν ταραχαί.— Τηλεγράφημα τῆς Κυβερνήσεως

Περὶ τῶν διαδόσεων αἵτινες ἐκυκλοφόρησαν χθὲς μετὰ μεσημβρίαν ὅτι ἐν Κων/πόλει ἐγένοντο ταραχαὶ καὶ σφαγαί, ἀπέβησαν εἰς ἀναληθεῖς διὰ τῆς ἐπιστροφῆς ἐλήφθη εἰς τὴν Βουλὴν ὁ Πρωθυπουργὸς τὸν Δηλιγιάννης εἶπε εἰς τοὺς Βουλευτὰς ἐκείνους οἵτινες ἐζήτουν πληροφορίας.

Περὶ τὴν 1 μ. μ. ἐξήγετο τηλεγράφημα ἐκ Κων/πόλεως ἀναγγέλλον ὅτι καὶ ἐκεῖ ἐπικρατεῖ ἡσυχία. Κατὰ τὸ τηλεγράφημα τοῦτο, ἐχρησίμευσεν ἐκ τοῦ Ὑπουργείου πρὸς τὸν πρεσβευτὴν κ. Μαυροκορδᾶτον, καὶ τοῦ
